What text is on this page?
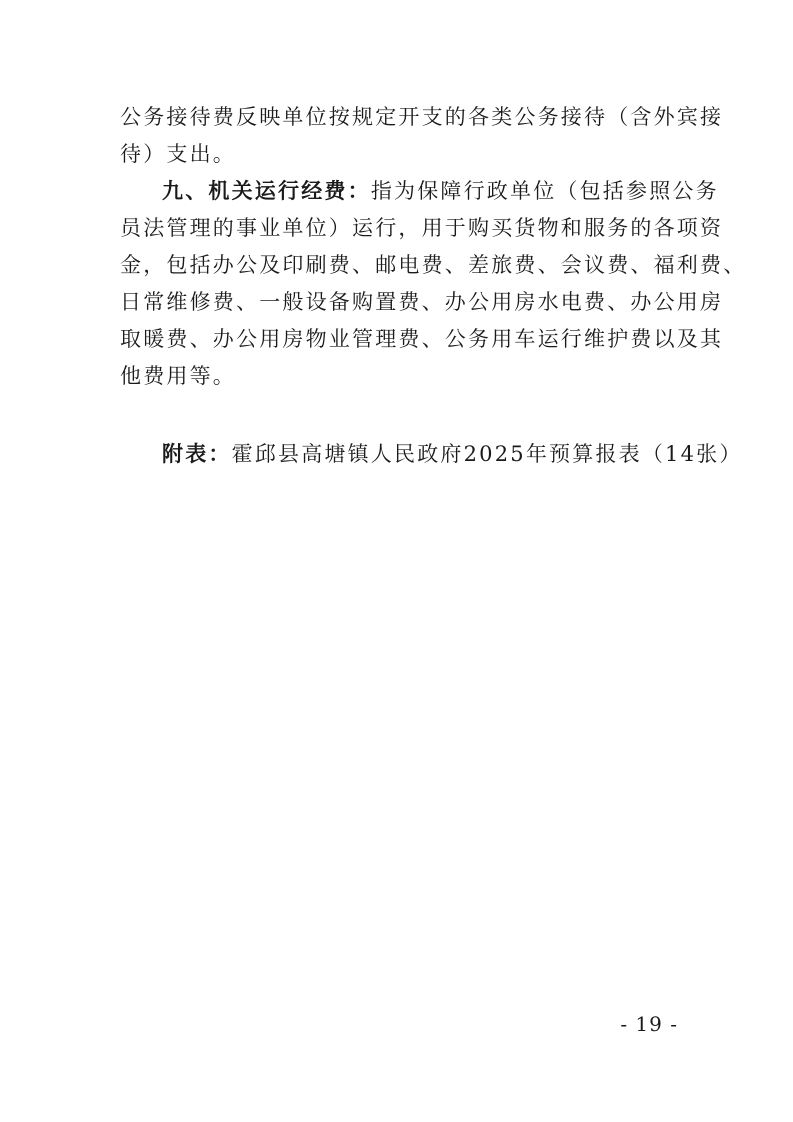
公务接待费反映单位按规定开支的各类公务接待（含外宾接
待）支出。
九、机关运行经费：指为保障行政单位（包括参照公务
员法管理的事业单位）运行，用于购买货物和服务的各项资
金，包括办公及印刷费、邮电费、差旅费、会议费、福利费、
日常维修费、一般设备购置费、办公用房水电费、办公用房
取暖费、办公用房物业管理费、公务用车运行维护费以及其
他费用等。
附表：霍邱县高塘镇人民政府2025年预算报表（14张）
- 19 -
